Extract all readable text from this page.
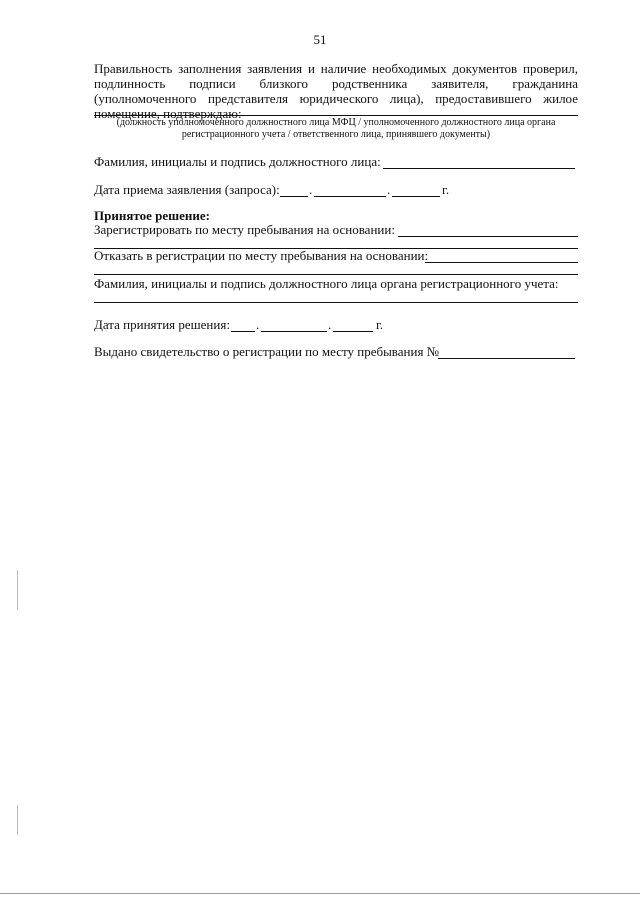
51
Правильность заполнения заявления и наличие необходимых документов проверил, подлинность подписи близкого родственника заявителя, гражданина (уполномоченного представителя юридического лица), предоставившего жилое помещение, подтверждаю:
(должность уполномоченного должностного лица МФЦ / уполномоченного должностного лица органа регистрационного учета / ответственного лица, принявшего документы)
Фамилия, инициалы и подпись должностного лица:
Дата приема заявления (запроса): .	.	г.
Принятое решение:
Зарегистрировать по месту пребывания на основании:
Отказать в регистрации по месту пребывания на основании:
Фамилия, инициалы и подпись должностного лица органа регистрационного учета:
Дата принятия решения: .	.	г.
Выдано свидетельство о регистрации по месту пребывания №
